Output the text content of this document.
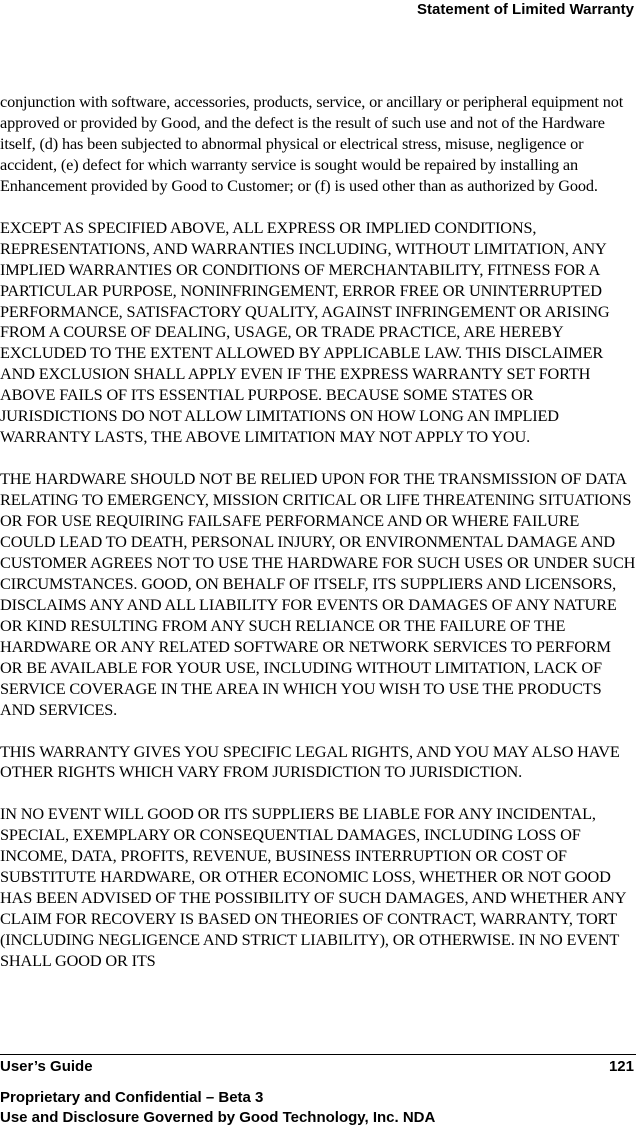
Statement of Limited Warranty

conjunction with software, accessories, products, service, or ancillary or peripheral equipment not approved or provided by Good, and the defect is the result of such use and not of the Hardware itself, (d) has been subjected to abnormal physical or electrical stress, misuse, negligence or accident, (e) defect for which warranty service is sought would be repaired by installing an Enhancement provided by Good to Customer; or (f) is used other than as authorized by Good.

EXCEPT AS SPECIFIED ABOVE, ALL EXPRESS OR IMPLIED CONDITIONS, REPRESENTATIONS, AND WARRANTIES INCLUDING, WITHOUT LIMITATION, ANY IMPLIED WARRANTIES OR CONDITIONS OF MERCHANTABILITY, FITNESS FOR A PARTICULAR PURPOSE, NONINFRINGEMENT, ERROR FREE OR UNINTERRUPTED PERFORMANCE, SATISFACTORY QUALITY, AGAINST INFRINGEMENT OR ARISING FROM A COURSE OF DEALING, USAGE, OR TRADE PRACTICE, ARE HEREBY EXCLUDED TO THE EXTENT ALLOWED BY APPLICABLE LAW. THIS DISCLAIMER AND EXCLUSION SHALL APPLY EVEN IF THE EXPRESS WARRANTY SET FORTH ABOVE FAILS OF ITS ESSENTIAL PURPOSE. BECAUSE SOME STATES OR JURISDICTIONS DO NOT ALLOW LIMITATIONS ON HOW LONG AN IMPLIED WARRANTY LASTS, THE ABOVE LIMITATION MAY NOT APPLY TO YOU.

THE HARDWARE SHOULD NOT BE RELIED UPON FOR THE TRANSMISSION OF DATA RELATING TO EMERGENCY, MISSION CRITICAL OR LIFE THREATENING SITUATIONS OR FOR USE REQUIRING FAILSAFE PERFORMANCE AND OR WHERE FAILURE COULD LEAD TO DEATH, PERSONAL INJURY, OR ENVIRONMENTAL DAMAGE AND CUSTOMER AGREES NOT TO USE THE HARDWARE FOR SUCH USES OR UNDER SUCH CIRCUMSTANCES. GOOD, ON BEHALF OF ITSELF, ITS SUPPLIERS AND LICENSORS, DISCLAIMS ANY AND ALL LIABILITY FOR EVENTS OR DAMAGES OF ANY NATURE OR KIND RESULTING FROM ANY SUCH RELIANCE OR THE FAILURE OF THE HARDWARE OR ANY RELATED SOFTWARE OR NETWORK SERVICES TO PERFORM OR BE AVAILABLE FOR YOUR USE, INCLUDING WITHOUT LIMITATION, LACK OF SERVICE COVERAGE IN THE AREA IN WHICH YOU WISH TO USE THE PRODUCTS AND SERVICES.

THIS WARRANTY GIVES YOU SPECIFIC LEGAL RIGHTS, AND YOU MAY ALSO HAVE OTHER RIGHTS WHICH VARY FROM JURISDICTION TO JURISDICTION.

IN NO EVENT WILL GOOD OR ITS SUPPLIERS BE LIABLE FOR ANY INCIDENTAL, SPECIAL, EXEMPLARY OR CONSEQUENTIAL DAMAGES, INCLUDING LOSS OF INCOME, DATA, PROFITS, REVENUE, BUSINESS INTERRUPTION OR COST OF SUBSTITUTE HARDWARE, OR OTHER ECONOMIC LOSS, WHETHER OR NOT GOOD HAS BEEN ADVISED OF THE POSSIBILITY OF SUCH DAMAGES, AND WHETHER ANY CLAIM FOR RECOVERY IS BASED ON THEORIES OF CONTRACT, WARRANTY, TORT (INCLUDING NEGLIGENCE AND STRICT LIABILITY), OR OTHERWISE. IN NO EVENT SHALL GOOD OR ITS

User’s Guide	121
Proprietary and Confidential – Beta 3
Use and Disclosure Governed by Good Technology, Inc. NDA
